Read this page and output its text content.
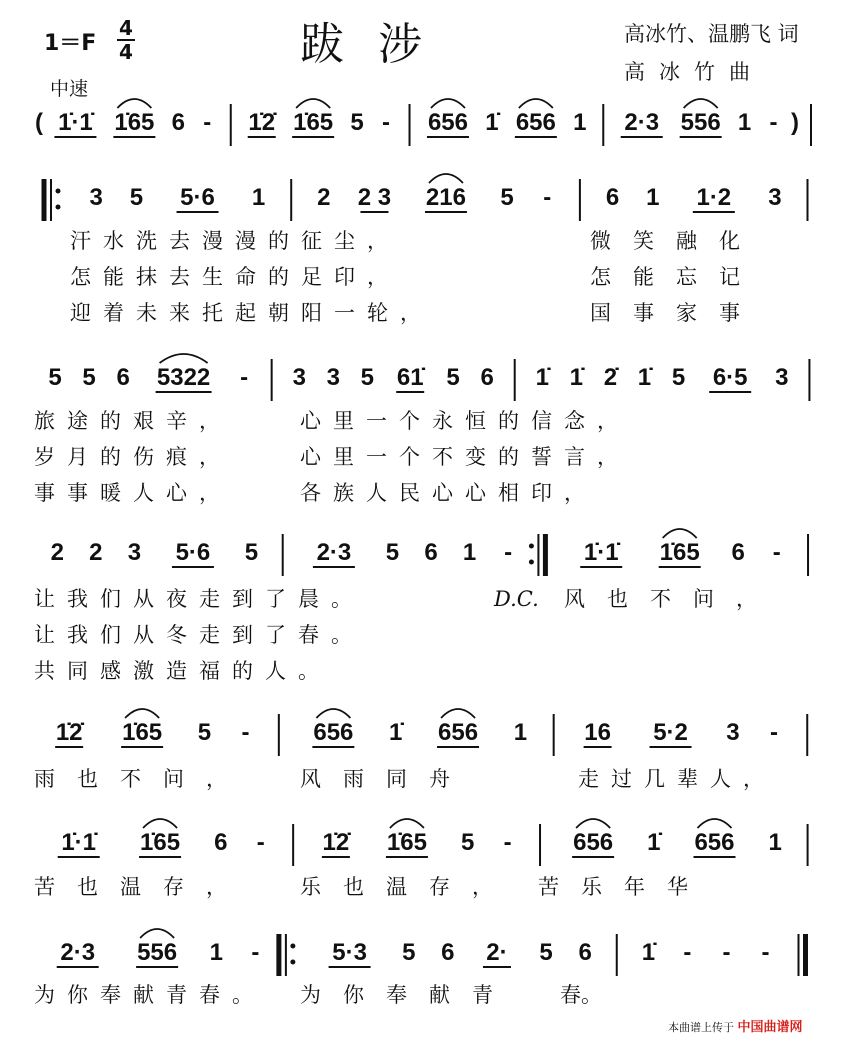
1＝F
4
4
中速
跋涉	高冰竹、温鹏飞 词
高冰竹曲
( 1̇·1̇ 1̇65 6 - 1̇2̇ 1̇65 5 - 656 1̇ 656 1 2·3 556 1 - )
3 5 5·6 1 2 2 3 216 5 - 6 1 1·2 3
5 5 6 5322 - 3 3 5 61̇ 5 6 1̇ 1̇ 2̇ 1̇ 5 6·5 3
2 2 3 5·6 5 2·3 5 6 1 -	1̇·1̇ 1̇65 6 -
1̇2̇ 1̇65 5 -	656 1̇ 656 1 16 5·2 3 -
1̇·1̇ 1̇65 6 - 1̇2̇ 1̇65 5 -	656 1̇ 656 1
2·3 556 1 -	5·3 5 6 2· 5 6 1̇ - - -
汗水洗去漫漫的征尘，	微笑融化
怎能抹去生命的足印，	怎能忘记
迎着未来托起朝阳一轮，	国事家事
旅途的艰辛，	心里一个永恒的信念，
岁月的伤痕，	心里一个不变的誓言，
事事暖人心，	各族人民心心相印，
让我们从夜走到了晨。	D.C. 风也不问，
让我们从冬走到了春。
共同感激造福的人。
雨也不问， 风雨同舟	走过几辈人，
苦也温存， 乐也温存， 苦乐年华
为你奉献青春。 为你奉献青 春。
本曲谱上传于 中国曲谱网
